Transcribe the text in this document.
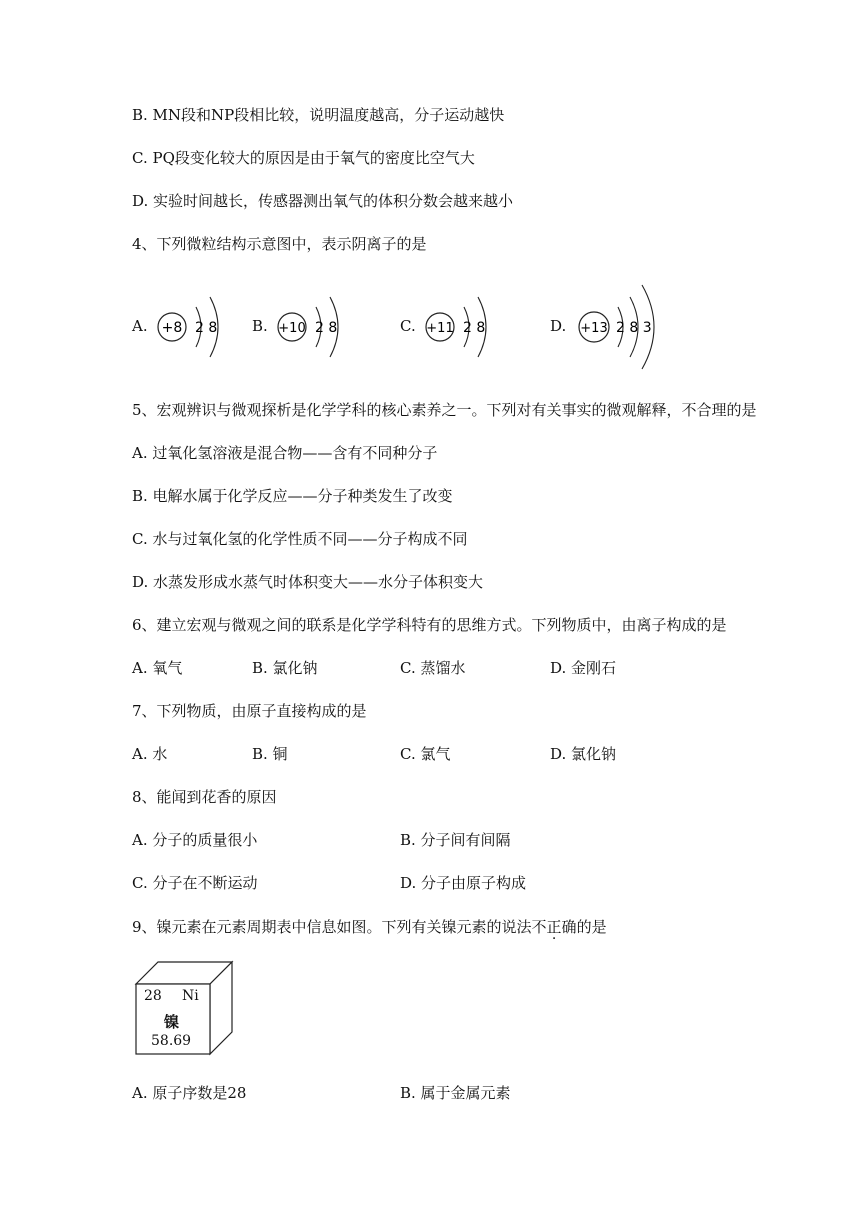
B. MN段和NP段相比较，说明温度越高，分子运动越快
C. PQ段变化较大的原因是由于氧气的密度比空气大
D. 实验时间越长，传感器测出氧气的体积分数会越来越小
4、下列微粒结构示意图中，表示阴离子的是
A. +8 2 8 B. +10 2 8	C. +11 2 8	D. +13 2 8 3
5、宏观辨识与微观探析是化学学科的核心素养之一。下列对有关事实的微观解释，不合理的是
A. 过氧化氢溶液是混合物——含有不同种分子
B. 电解水属于化学反应——分子种类发生了改变
C. 水与过氧化氢的化学性质不同——分子构成不同
D. 水蒸发形成水蒸气时体积变大——水分子体积变大
6、建立宏观与微观之间的联系是化学学科特有的思维方式。下列物质中，由离子构成的是
A. 氧气	B. 氯化钠	C. 蒸馏水	D. 金刚石
7、下列物质，由原子直接构成的是
A. 水	B. 铜	C. 氯气	D. 氯化钠
8、能闻到花香的原因
A. 分子的质量很小	B. 分子间有间隔
C. 分子在不断运动	D. 分子由原子构成
9、镍元素在元素周期表中信息如图。下列有关镍元素的说法不正确的是
28 Ni
镍
58.69
A. 原子序数是28	B. 属于金属元素
